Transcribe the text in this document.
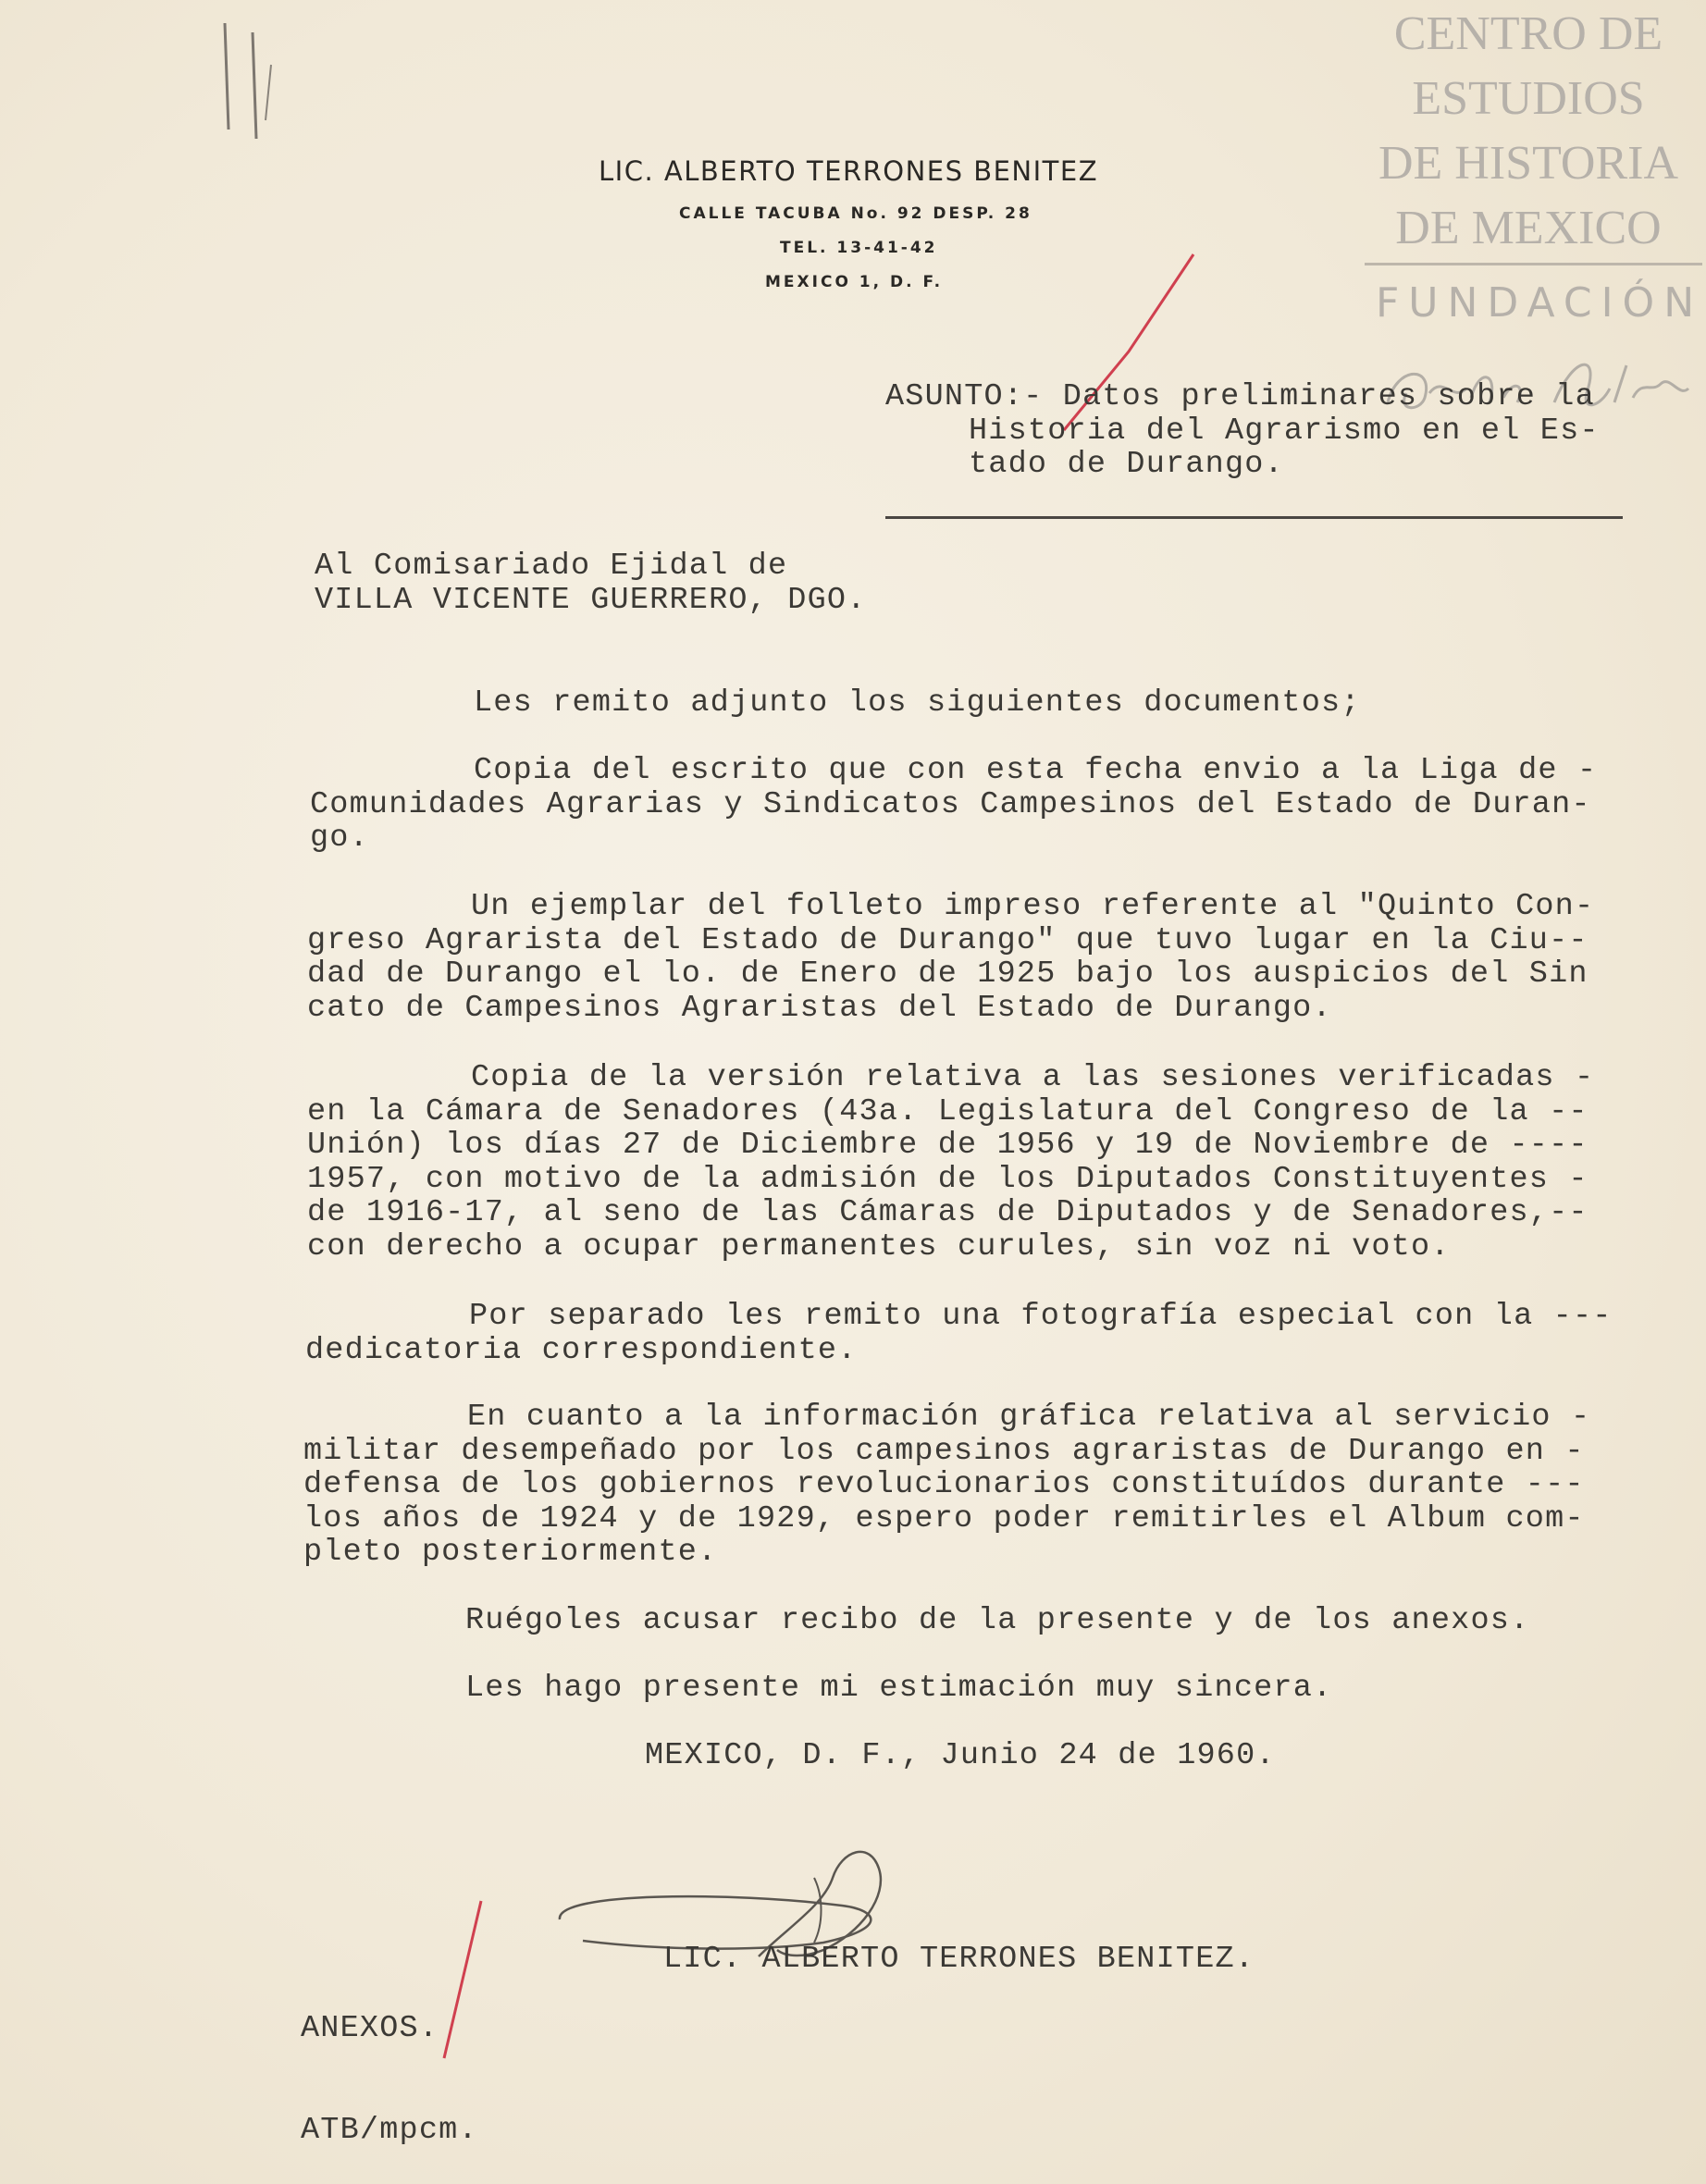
LIC. ALBERTO TERRONES BENITEZ
CALLE TACUBA No. 92 DESP. 28
TEL. 13-41-42
MEXICO 1, D. F.
CENTRO DE
ESTUDIOS
DE HISTORIA
DE MEXICO
FUNDACIÓN
ASUNTO:- Datos preliminares sobre la
Historia del Agrarismo en el Es-
tado de Durango.
Al Comisariado Ejidal de
VILLA VICENTE GUERRERO, DGO.
Les remito adjunto los siguientes documentos;
Copia del escrito que con esta fecha envio a la Liga de -
Comunidades Agrarias y Sindicatos Campesinos del Estado de Duran-
go.
Un ejemplar del folleto impreso referente al "Quinto Con-
greso Agrarista del Estado de Durango" que tuvo lugar en la Ciu--
dad de Durango el lo. de Enero de 1925 bajo los auspicios del Sin
cato de Campesinos Agraristas del Estado de Durango.
Copia de la versión relativa a las sesiones verificadas -
en la Cámara de Senadores (43a. Legislatura del Congreso de la --
Unión) los días 27 de Diciembre de 1956 y 19 de Noviembre de ----
1957, con motivo de la admisión de los Diputados Constituyentes -
de 1916-17, al seno de las Cámaras de Diputados y de Senadores,--
con derecho a ocupar permanentes curules, sin voz ni voto.
Por separado les remito una fotografía especial con la ---
dedicatoria correspondiente.
En cuanto a la información gráfica relativa al servicio -
militar desempeñado por los campesinos agraristas de Durango en -
defensa de los gobiernos revolucionarios constituídos durante ---
los años de 1924 y de 1929, espero poder remitirles el Album com-
pleto posteriormente.
Ruégoles acusar recibo de la presente y de los anexos.
Les hago presente mi estimación muy sincera.
MEXICO, D. F., Junio 24 de 1960.
LIC. ALBERTO TERRONES BENITEZ.
ANEXOS.
ATB/mpcm.
